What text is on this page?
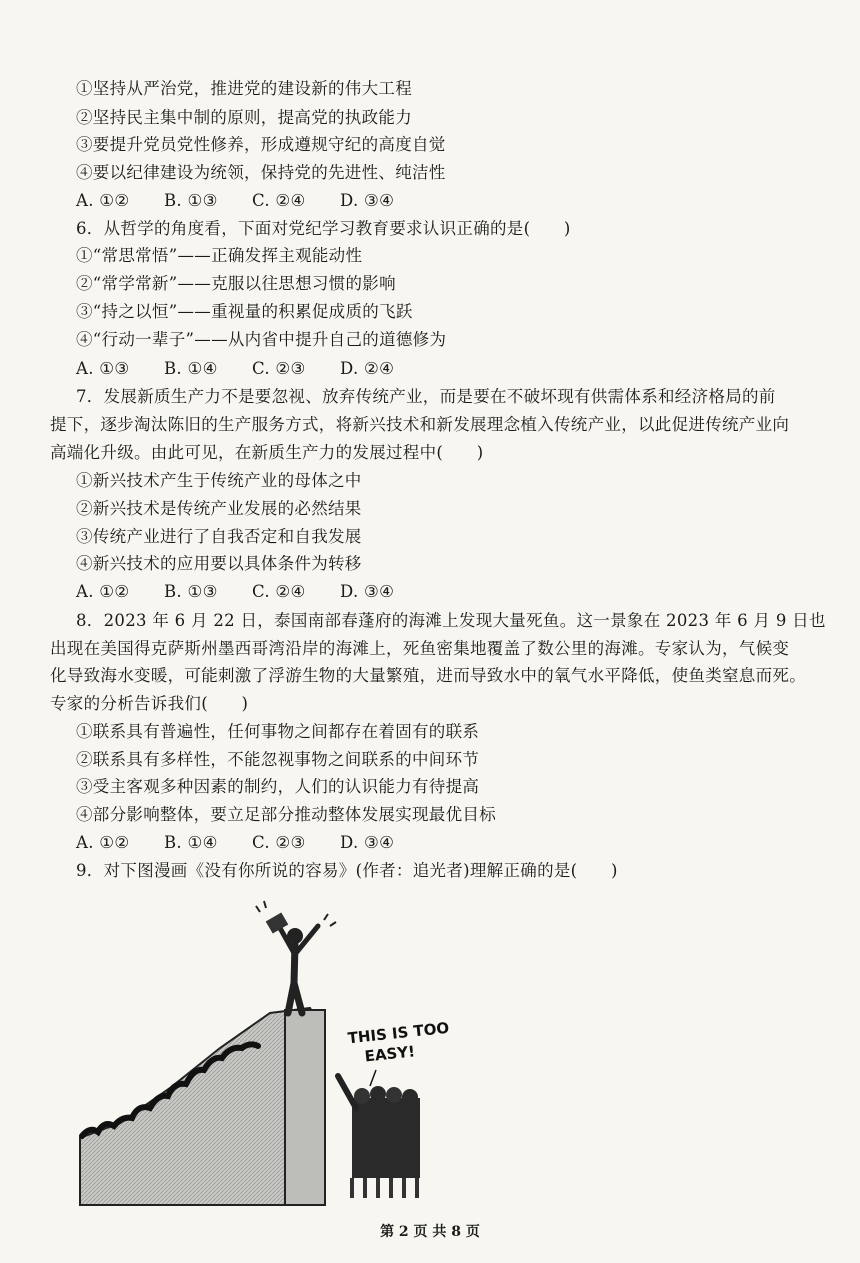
①坚持从严治党，推进党的建设新的伟大工程
②坚持民主集中制的原则，提高党的执政能力
③要提升党员党性修养，形成遵规守纪的高度自觉
④要以纪律建设为统领，保持党的先进性、纯洁性
A. ①② B. ①③ C. ②④ D. ③④
6．从哲学的角度看，下面对党纪学习教育要求认识正确的是(　　)
①“常思常悟”——正确发挥主观能动性
②“常学常新”——克服以往思想习惯的影响
③“持之以恒”——重视量的积累促成质的飞跃
④“行动一辈子”——从内省中提升自己的道德修为
A. ①③ B. ①④ C. ②③ D. ②④
7．发展新质生产力不是要忽视、放弃传统产业，而是要在不破坏现有供需体系和经济格局的前
提下，逐步淘汰陈旧的生产服务方式，将新兴技术和新发展理念植入传统产业，以此促进传统产业向
高端化升级。由此可见，在新质生产力的发展过程中(　　)
①新兴技术产生于传统产业的母体之中
②新兴技术是传统产业发展的必然结果
③传统产业进行了自我否定和自我发展
④新兴技术的应用要以具体条件为转移
A. ①② B. ①③ C. ②④ D. ③④
8．2023 年 6 月 22 日，泰国南部春蓬府的海滩上发现大量死鱼。这一景象在 2023 年 6 月 9 日也
出现在美国得克萨斯州墨西哥湾沿岸的海滩上，死鱼密集地覆盖了数公里的海滩。专家认为，气候变
化导致海水变暖，可能刺激了浮游生物的大量繁殖，进而导致水中的氧气水平降低，使鱼类窒息而死。
专家的分析告诉我们(　　)
①联系具有普遍性，任何事物之间都存在着固有的联系
②联系具有多样性，不能忽视事物之间联系的中间环节
③受主客观多种因素的制约，人们的认识能力有待提高
④部分影响整体，要立足部分推动整体发展实现最优目标
A. ①② B. ①④ C. ②③ D. ③④
9．对下图漫画《没有你所说的容易》(作者：追光者)理解正确的是(　　)
THIS IS TOO
EASY!
第 2 页 共 8 页
